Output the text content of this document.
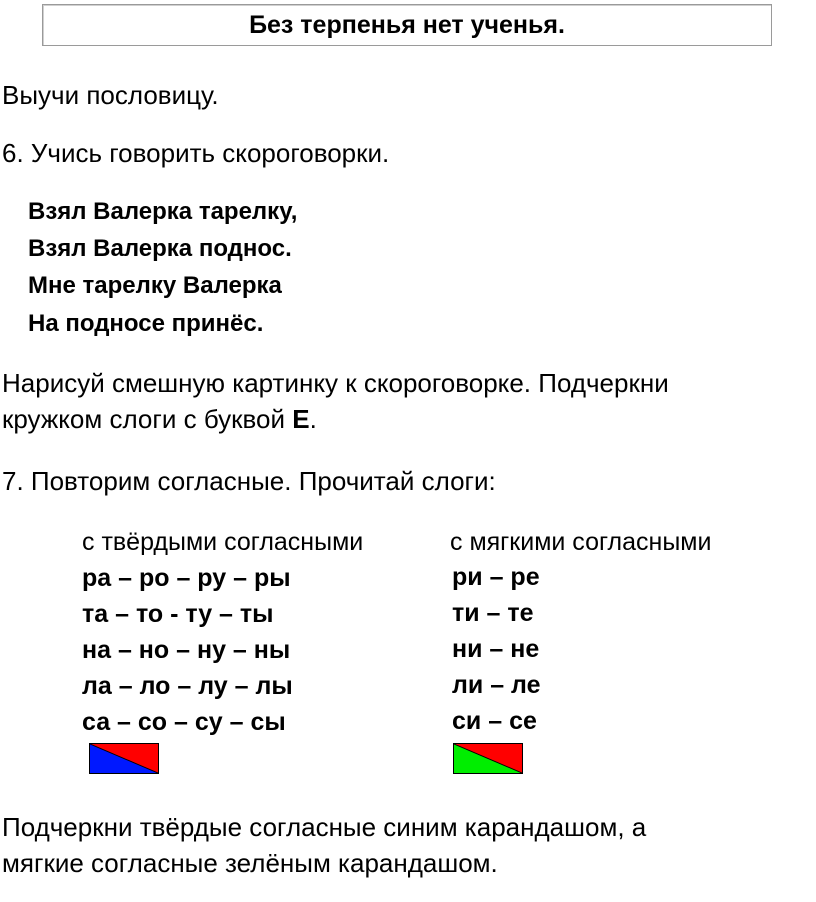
Без терпенья нет ученья.
Выучи пословицу.
6. Учись говорить скороговорки.
Взял Валерка тарелку,
Взял Валерка поднос.
Мне тарелку Валерка
На подносе принёс.
Нарисуй смешную картинку к скороговорке. Подчеркни
кружком слоги с буквой Е.
7. Повторим согласные. Прочитай слоги:
с твёрдыми согласными
ра – ро – ру – ры
та – то - ту – ты
на – но – ну – ны
ла – ло – лу – лы
са – со – су – сы
с мягкими согласными
ри – ре
ти – те
ни – не
ли – ле
си – се
Подчеркни твёрдые согласные синим карандашом, а
мягкие согласные зелёным карандашом.
